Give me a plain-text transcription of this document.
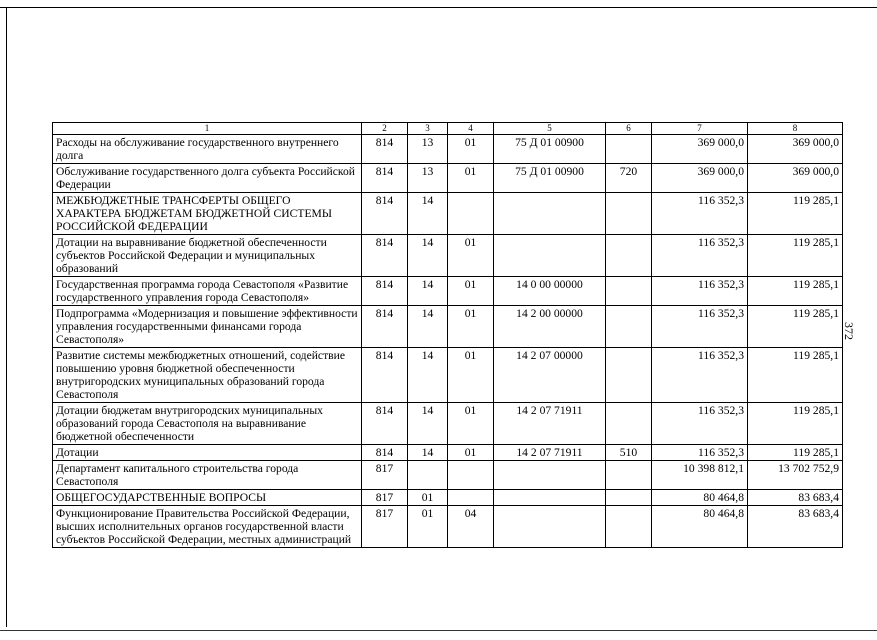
1	2	3	4	5	6	7	8
Расходы на обслуживание государственного внутреннего долга	814	13	01	75 Д 01 00900		369 000,0	369 000,0
Обслуживание государственного долга субъекта Российской Федерации	814	13	01	75 Д 01 00900	720	369 000,0	369 000,0
МЕЖБЮДЖЕТНЫЕ ТРАНСФЕРТЫ ОБЩЕГО ХАРАКТЕРА БЮДЖЕТАМ БЮДЖЕТНОЙ СИСТЕМЫ РОССИЙСКОЙ ФЕДЕРАЦИИ	814	14				116 352,3	119 285,1
Дотации на выравнивание бюджетной обеспеченности субъектов Российской Федерации и муниципальных образований	814	14	01			116 352,3	119 285,1
Государственная программа города Севастополя «Развитие государственного управления города Севастополя»	814	14	01	14 0 00 00000		116 352,3	119 285,1
Подпрограмма «Модернизация и повышение эффективности управления государственными финансами города Севастополя»	814	14	01	14 2 00 00000		116 352,3	119 285,1
Развитие системы межбюджетных отношений, содействие повышению уровня бюджетной обеспеченности внутригородских муниципальных образований города Севастополя	814	14	01	14 2 07 00000		116 352,3	119 285,1
Дотации бюджетам внутригородских муниципальных образований города Севастополя на выравнивание бюджетной обеспеченности	814	14	01	14 2 07 71911		116 352,3	119 285,1
Дотации	814	14	01	14 2 07 71911	510	116 352,3	119 285,1
Департамент капитального строительства города Севастополя	817					10 398 812,1	13 702 752,9
ОБЩЕГОСУДАРСТВЕННЫЕ ВОПРОСЫ	817	01				80 464,8	83 683,4
Функционирование Правительства Российской Федерации, высших исполнительных органов государственной власти субъектов Российской Федерации, местных администраций	817	01	04			80 464,8	83 683,4
372
